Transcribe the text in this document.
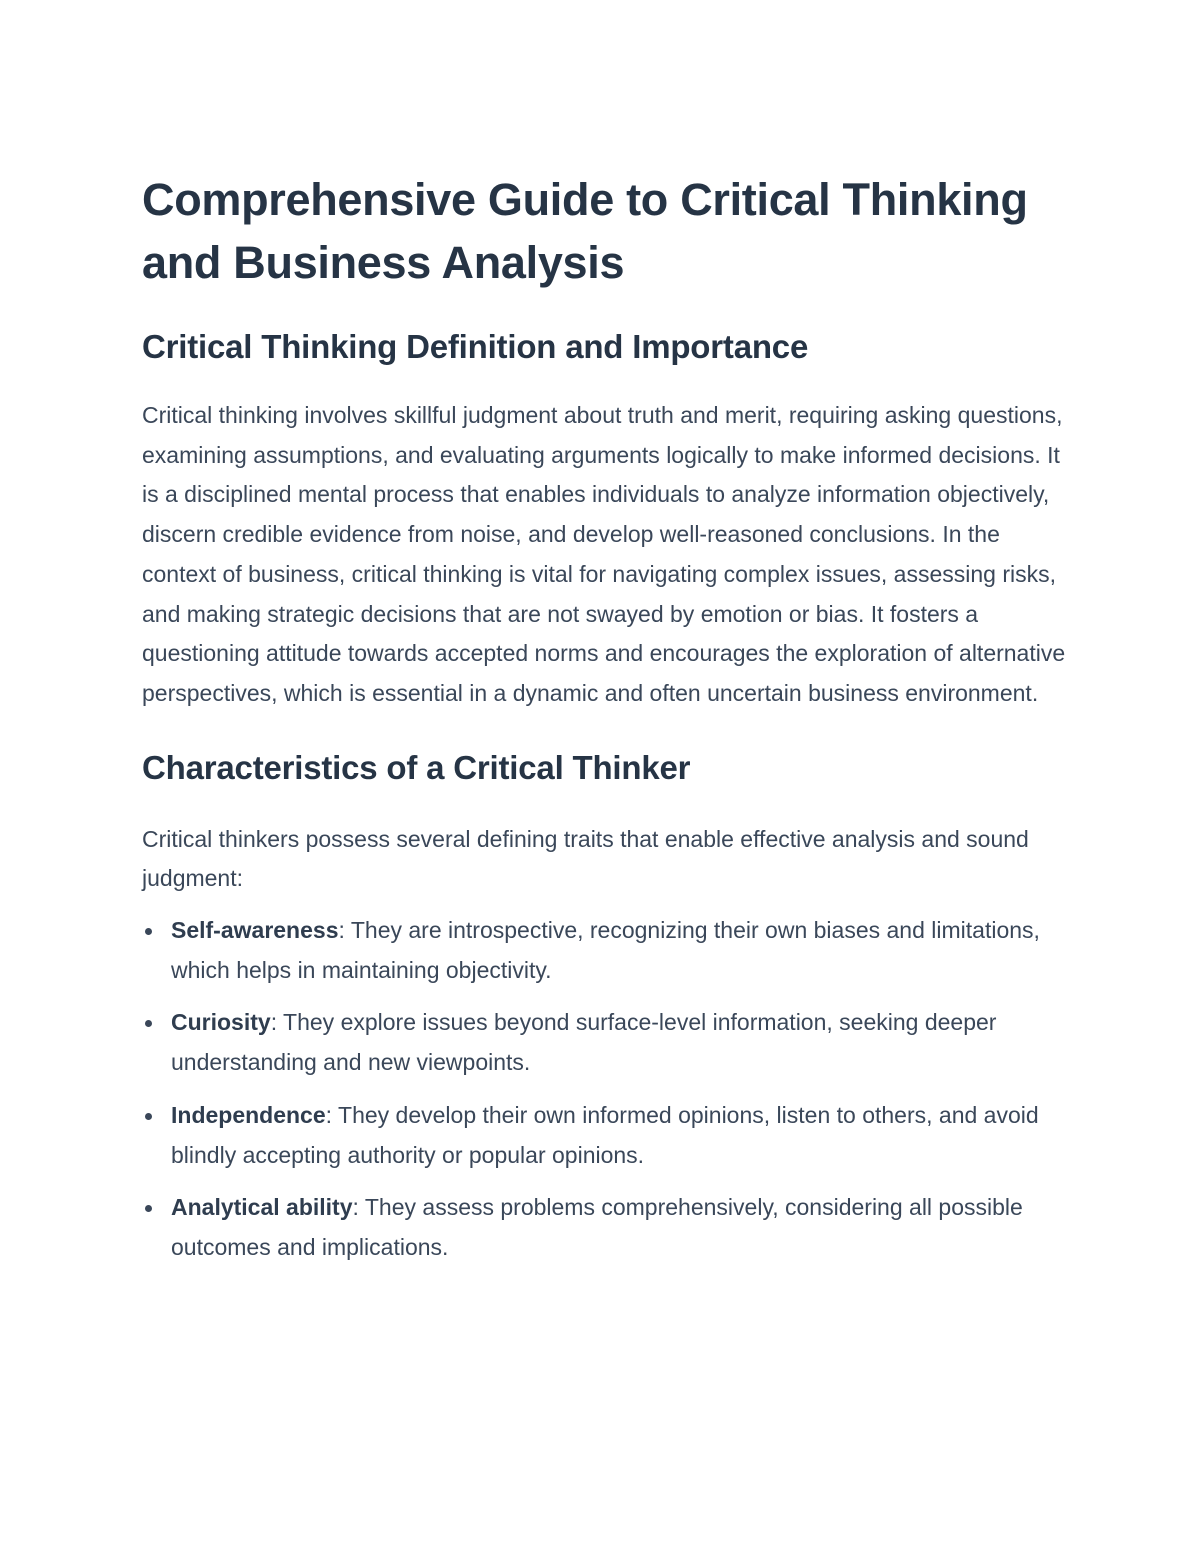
Comprehensive Guide to Critical Thinking and Business Analysis
Critical Thinking Definition and Importance

Critical thinking involves skillful judgment about truth and merit, requiring asking questions, examining assumptions, and evaluating arguments logically to make informed decisions. It is a disciplined mental process that enables individuals to analyze information objectively, discern credible evidence from noise, and develop well-reasoned conclusions. In the context of business, critical thinking is vital for navigating complex issues, assessing risks, and making strategic decisions that are not swayed by emotion or bias. It fosters a questioning attitude towards accepted norms and encourages the exploration of alternative perspectives, which is essential in a dynamic and often uncertain business environment.

Characteristics of a Critical Thinker

Critical thinkers possess several defining traits that enable effective analysis and sound judgment:

Self-awareness: They are introspective, recognizing their own biases and limitations, which helps in maintaining objectivity.
Curiosity: They explore issues beyond surface-level information, seeking deeper understanding and new viewpoints.
Independence: They develop their own informed opinions, listen to others, and avoid blindly accepting authority or popular opinions.
Analytical ability: They assess problems comprehensively, considering all possible outcomes and implications.
